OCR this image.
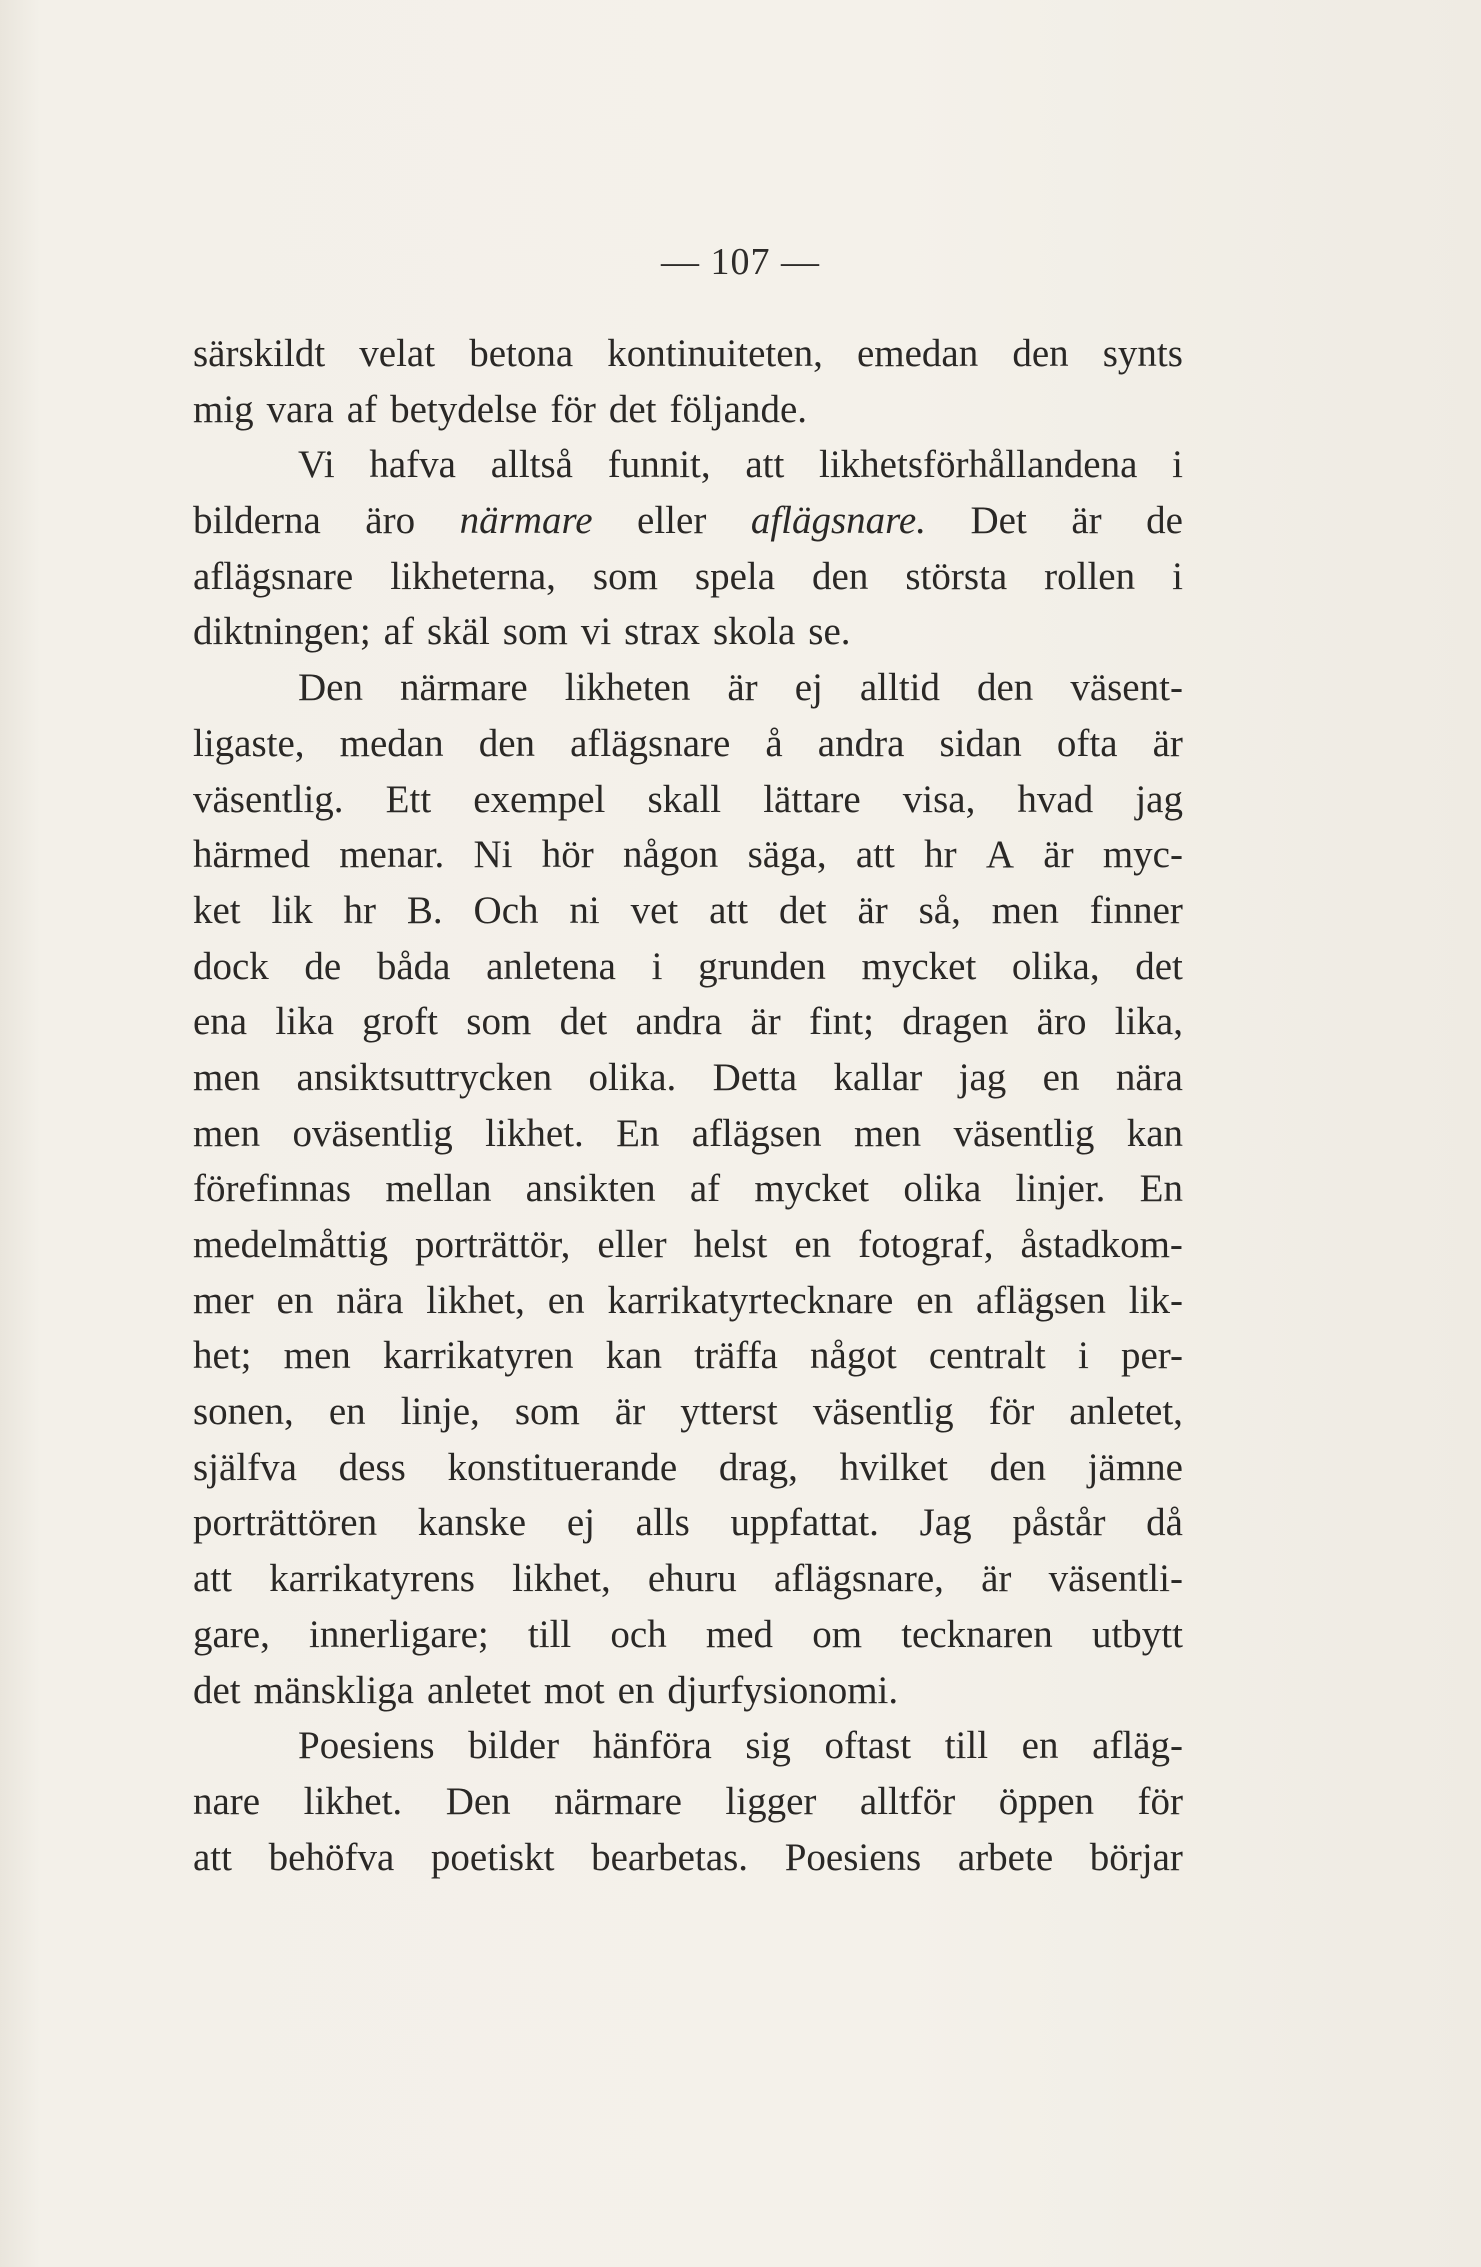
— 107 —
särskildt velat betona kontinuiteten, emedan den synts
mig vara af betydelse för det följande.
Vi hafva alltså funnit, att likhetsförhållandena i
bilderna äro närmare eller aflägsnare. Det är de
aflägsnare likheterna, som spela den största rollen i
diktningen; af skäl som vi strax skola se.
Den närmare likheten är ej alltid den väsent-
ligaste, medan den aflägsnare å andra sidan ofta är
väsentlig. Ett exempel skall lättare visa, hvad jag
härmed menar. Ni hör någon säga, att hr A är myc-
ket lik hr B. Och ni vet att det är så, men finner
dock de båda anletena i grunden mycket olika, det
ena lika groft som det andra är fint; dragen äro lika,
men ansiktsuttrycken olika. Detta kallar jag en nära
men oväsentlig likhet. En aflägsen men väsentlig kan
förefinnas mellan ansikten af mycket olika linjer. En
medelmåttig porträttör, eller helst en fotograf, åstadkom-
mer en nära likhet, en karrikatyrtecknare en aflägsen lik-
het; men karrikatyren kan träffa något centralt i per-
sonen, en linje, som är ytterst väsentlig för anletet,
själfva dess konstituerande drag, hvilket den jämne
porträttören kanske ej alls uppfattat. Jag påstår då
att karrikatyrens likhet, ehuru aflägsnare, är väsentli-
gare, innerligare; till och med om tecknaren utbytt
det mänskliga anletet mot en djurfysionomi.
Poesiens bilder hänföra sig oftast till en afläg-
nare likhet. Den närmare ligger alltför öppen för
att behöfva poetiskt bearbetas. Poesiens arbete börjar
